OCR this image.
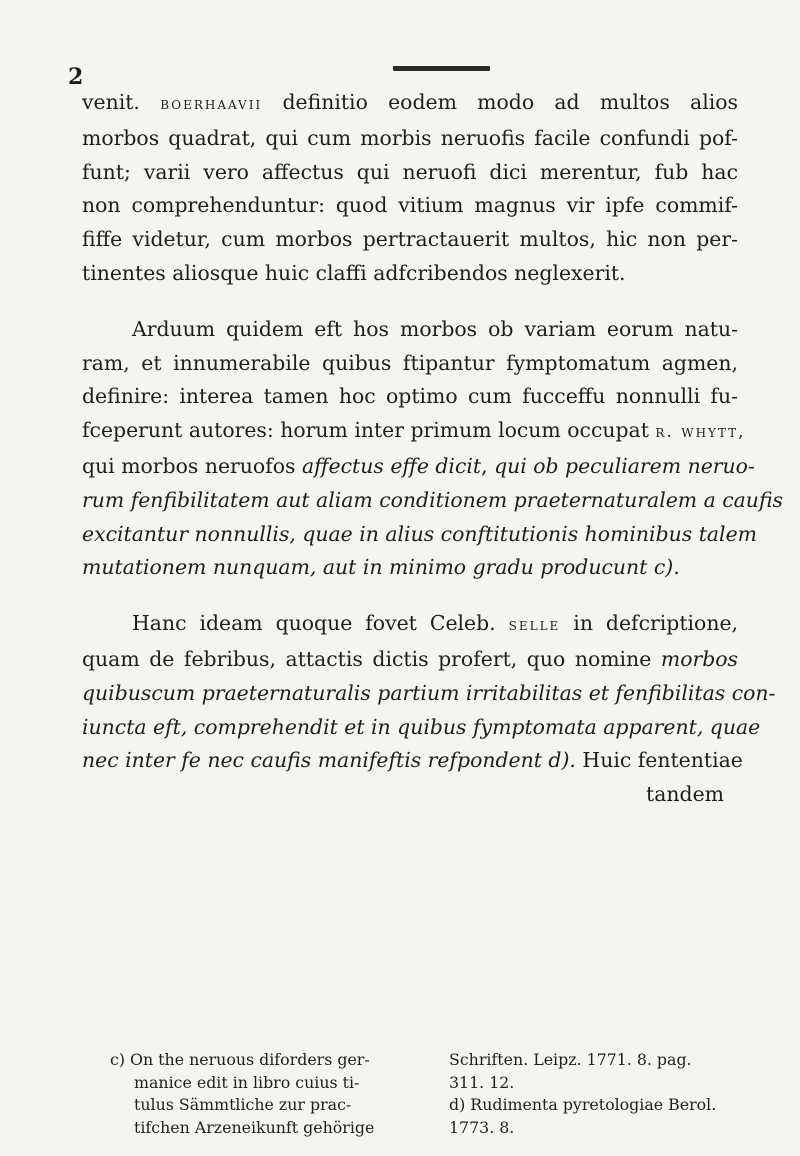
2
venit. boerhaavii definitio eodem modo ad multos alios
morbos quadrat, qui cum morbis neruofis facile confundi pof-
funt; varii vero affectus qui neruofi dici merentur, fub hac
non comprehenduntur: quod vitium magnus vir ipfe commif-
fiffe videtur, cum morbos pertractauerit multos, hic non per-
tinentes aliosque huic claffi adfcribendos neglexerit.
Arduum quidem eft hos morbos ob variam eorum natu-
ram, et innumerabile quibus ftipantur fymptomatum agmen,
definire: interea tamen hoc optimo cum fucceffu nonnulli fu-
fceperunt autores: horum inter primum locum occupat r. whytt,
qui morbos neruofos affectus effe dicit, qui ob peculiarem neruo-
rum fenfibilitatem aut aliam conditionem praeternaturalem a caufis
excitantur nonnullis, quae in alius conftitutionis hominibus talem
mutationem nunquam, aut in minimo gradu producunt c).
Hanc ideam quoque fovet Celeb. selle in defcriptione,
quam de febribus, attactis dictis profert, quo nomine morbos
quibuscum praeternaturalis partium irritabilitas et fenfibilitas con-
iuncta eft, comprehendit et in quibus fymptomata apparent, quae
nec inter fe nec caufis manifeftis refpondent d). Huic fententiae
tandem
c) On the neruous diforders ger-
manice edit in libro cuius ti-
tulus Sämmtliche zur prac-
tifchen Arzeneikunft gehörige
Schriften. Leipz. 1771. 8. pag.
311. 12.
d) Rudimenta pyretologiae Berol.
1773. 8.
